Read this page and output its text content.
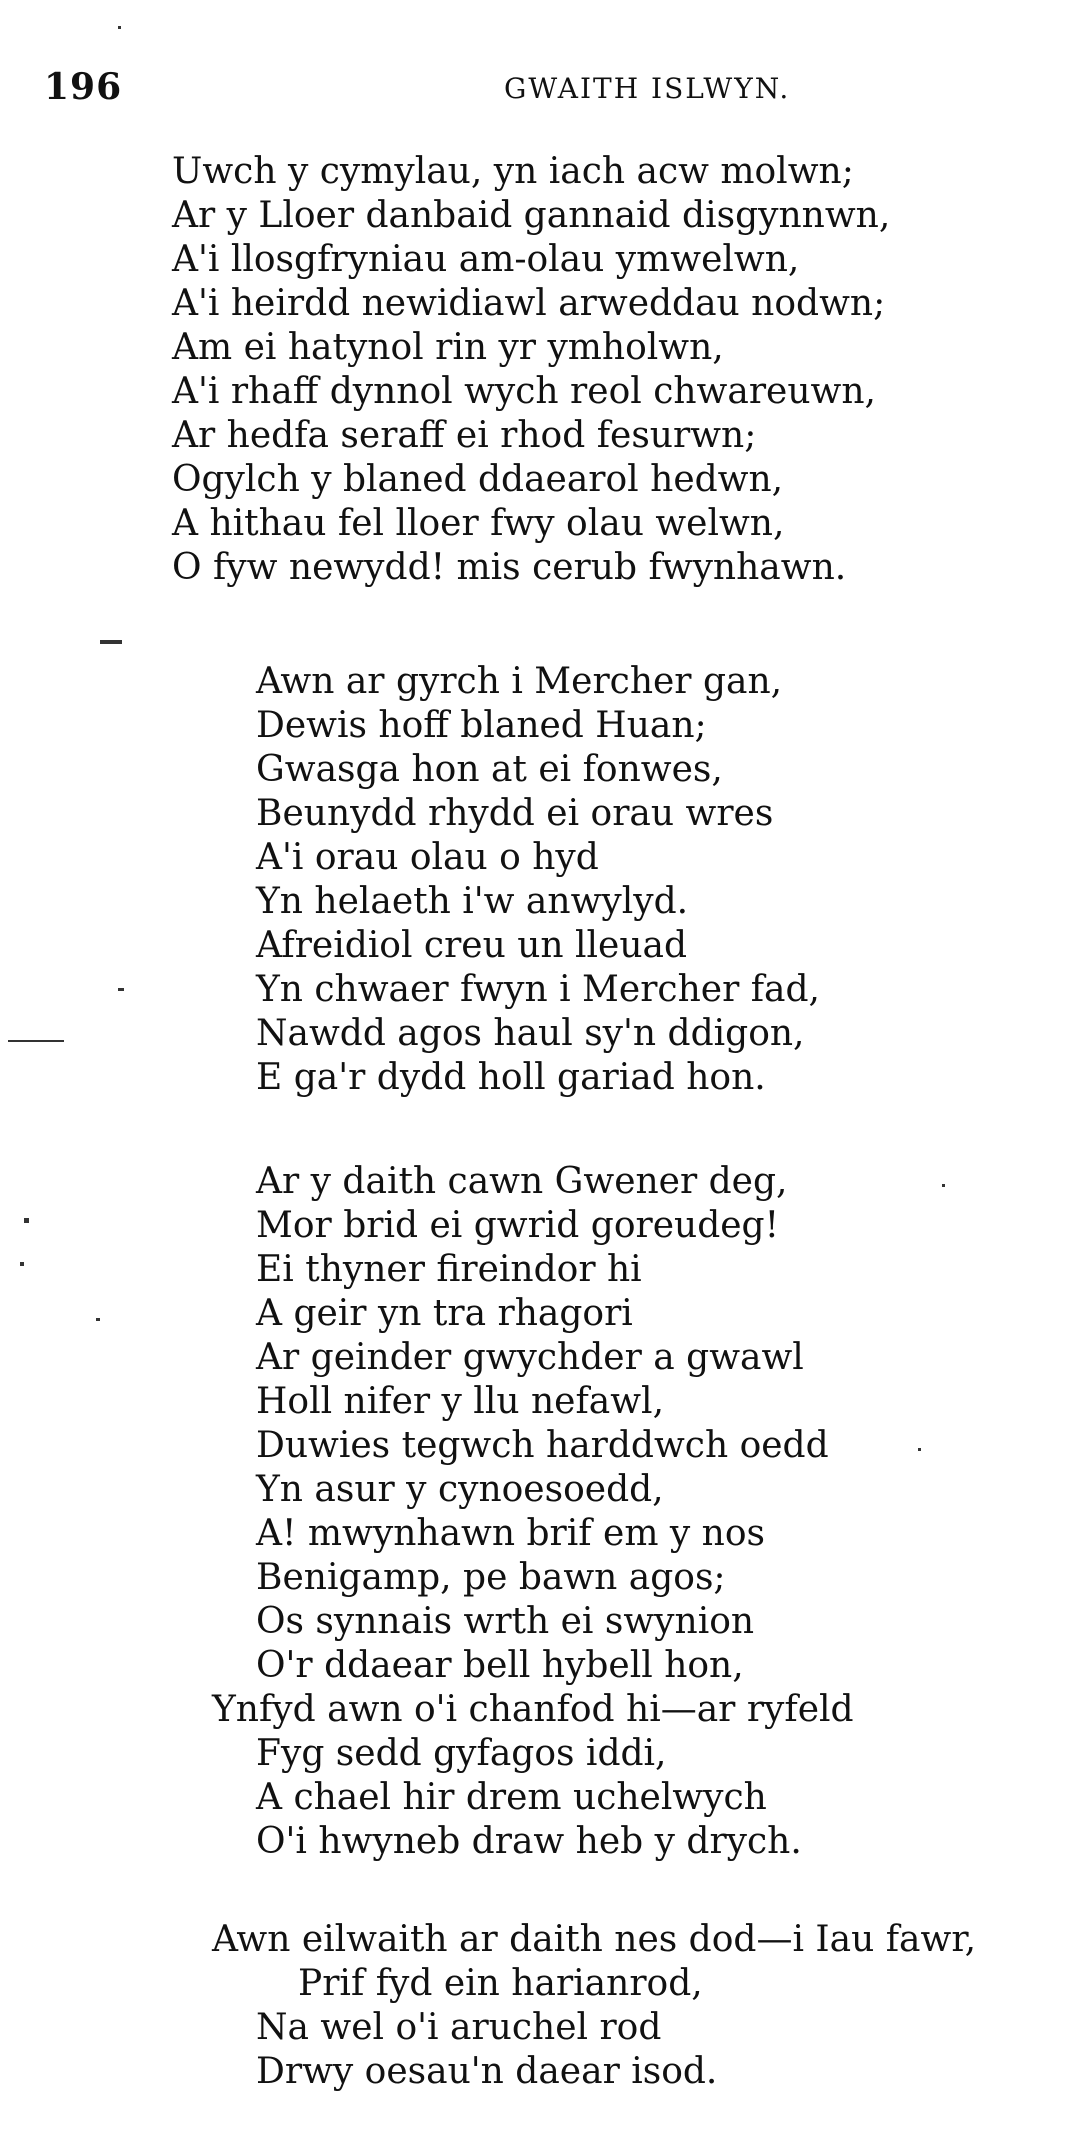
196	GWAITH ISLWYN.
Uwch y cymylau, yn iach acw molwn;
Ar y Lloer danbaid gannaid disgynnwn,
A'i llosgfryniau am-olau ymwelwn,
A'i heirdd newidiawl arweddau nodwn;
Am ei hatynol rin yr ymholwn,
A'i rhaff dynnol wych reol chwareuwn,
Ar hedfa seraff ei rhod fesurwn;
Ogylch y blaned ddaearol hedwn,
A hithau fel lloer fwy olau welwn,
O fyw newydd! mis cerub fwynhawn.
Awn ar gyrch i Mercher gan,
Dewis hoff blaned Huan;
Gwasga hon at ei fonwes,
Beunydd rhydd ei orau wres
A'i orau olau o hyd
Yn helaeth i'w anwylyd.
Afreidiol creu un lleuad
Yn chwaer fwyn i Mercher fad,
Nawdd agos haul sy'n ddigon,
E ga'r dydd holl gariad hon.
Ar y daith cawn Gwener deg,
Mor brid ei gwrid goreudeg!
Ei thyner fireindor hi
A geir yn tra rhagori
Ar geinder gwychder a gwawl
Holl nifer y llu nefawl,
Duwies tegwch harddwch oedd
Yn asur y cynoesoedd,
A! mwynhawn brif em y nos
Benigamp, pe bawn agos;
Os synnais wrth ei swynion
O'r ddaear bell hybell hon,
Ynfyd awn o'i chanfod hi—ar ryfeld
Fyg sedd gyfagos iddi,
A chael hir drem uchelwych
O'i hwyneb draw heb y drych.
Awn eilwaith ar daith nes dod—i Iau fawr,
Prif fyd ein harianrod,
Na wel o'i aruchel rod
Drwy oesau'n daear isod.
